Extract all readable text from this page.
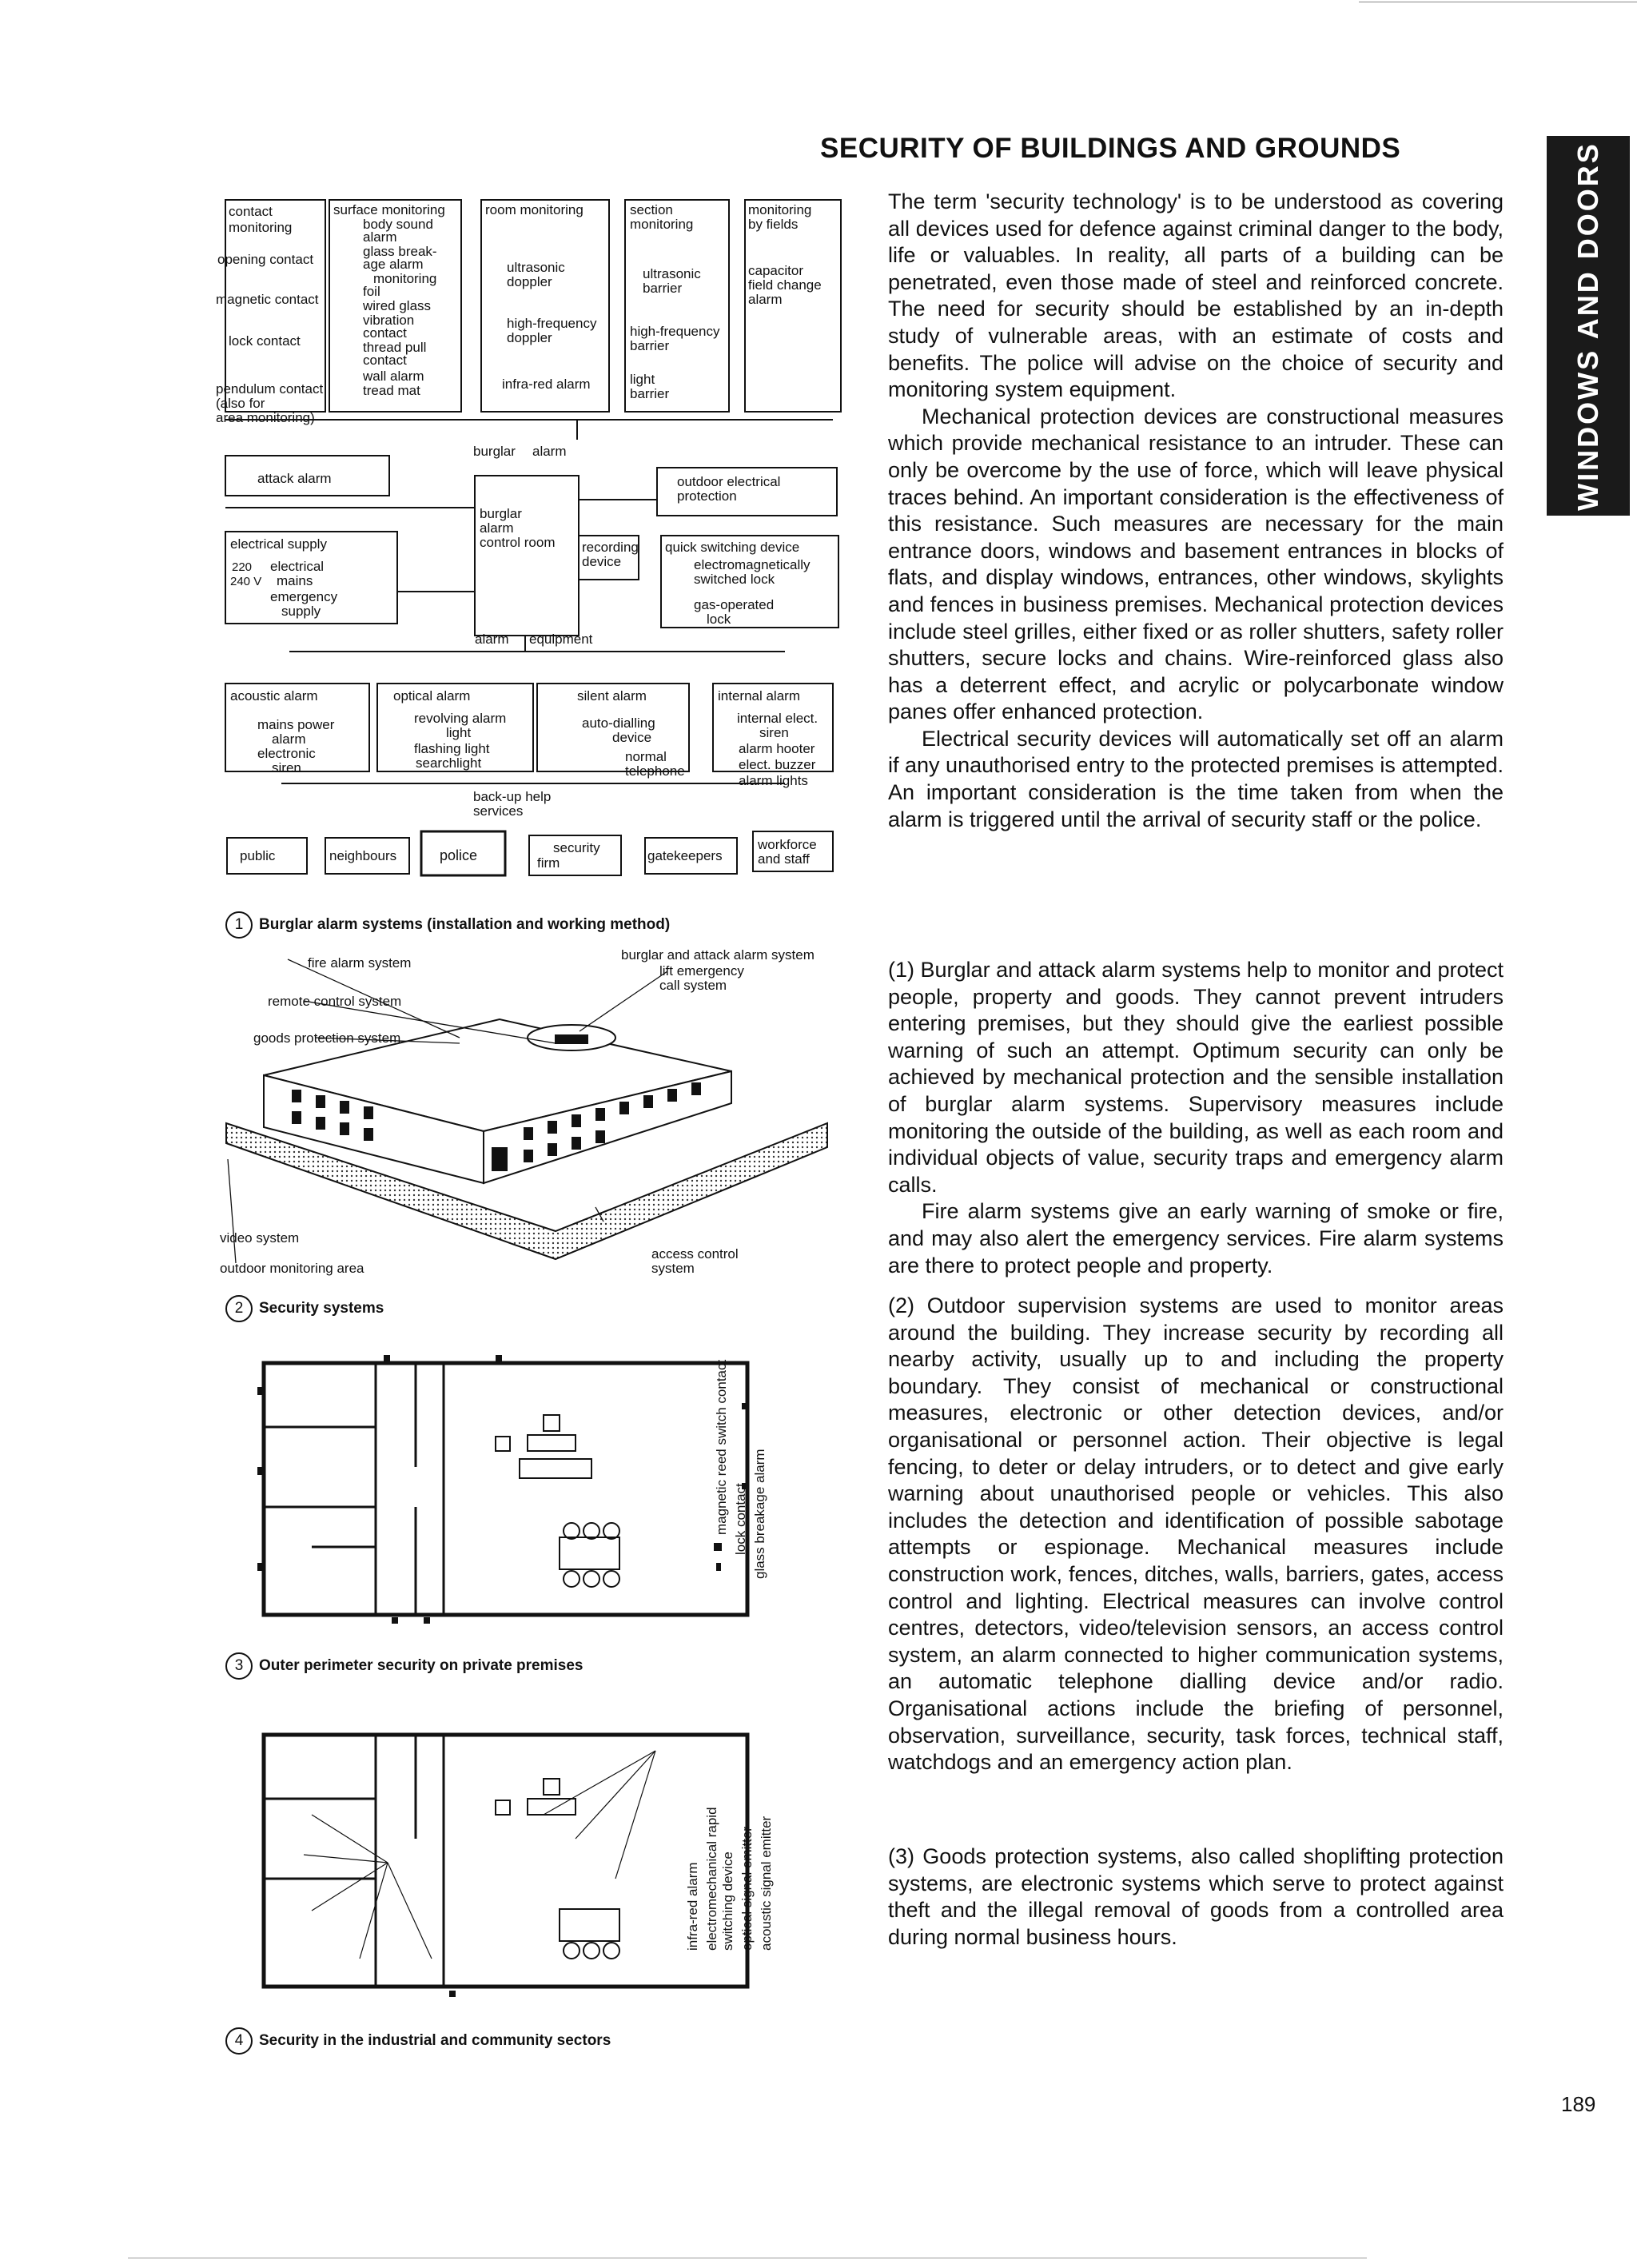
SECURITY OF BUILDINGS AND GROUNDS	WINDOWS AND DOORS

The term 'security technology' is to be understood as covering all devices used for defence against criminal danger to the body, life or valuables. In reality, all parts of a building can be penetrated, even those made of steel and reinforced concrete. The need for security should be established by an in-depth study of vulnerable areas, with an estimate of costs and benefits. The police will advise on the choice of security and monitoring system equipment.

Mechanical protection devices are constructional measures which provide mechanical resistance to an intruder. These can only be overcome by the use of force, which will leave physical traces behind. An important consideration is the effectiveness of this resistance. Such measures are necessary for the main entrance doors, windows and basement entrances in blocks of flats, and display windows, entrances, other windows, skylights and fences in business premises. Mechanical protection devices include steel grilles, either fixed or as roller shutters, safety roller shutters, secure locks and chains. Wire-reinforced glass also has a deterrent effect, and acrylic or polycarbonate window panes offer enhanced protection.

Electrical security devices will automatically set off an alarm if any unauthorised entry to the protected premises is attempted. An important consideration is the time taken from when the alarm is triggered until the arrival of security staff or the police.

(1) Burglar and attack alarm systems help to monitor and protect people, property and goods. They cannot prevent intruders entering premises, but they should give the earliest possible warning of such an attempt. Optimum security can only be achieved by mechanical protection and the sensible installation of burglar alarm systems. Supervisory measures include monitoring the outside of the building, as well as each room and individual objects of value, security traps and emergency alarm calls.

Fire alarm systems give an early warning of smoke or fire, and may also alert the emergency services. Fire alarm systems are there to protect people and property.

(2) Outdoor supervision systems are used to monitor areas around the building. They increase security by recording all nearby activity, usually up to and including the property boundary. They consist of mechanical or constructional measures, electronic or other detection devices, and/or organisational or personnel action. Their objective is legal fencing, to deter or delay intruders, or to detect and give early warning about unauthorised people or vehicles. This also includes the detection and identification of possible sabotage attempts or espionage. Mechanical measures include construction work, fences, ditches, walls, barriers, gates, access control and lighting. Electrical measures can involve control centres, detectors, video/television sensors, an access control system, an alarm connected to higher communication systems, an automatic telephone dialling device and/or radio. Organisational actions include the briefing of personnel, observation, surveillance, security, task forces, technical staff, watchdogs and an emergency action plan.

(3) Goods protection systems, also called shoplifting protection systems, are electronic systems which serve to protect against theft and the illegal removal of goods from a controlled area during normal business hours.

contact
monitoring
opening contact
magnetic contact
lock contact
pendulum contact
(also for
area monitoring)
surface monitoring
body sound
alarm
glass break-
age alarm
monitoring
foil
wired glass
vibration
contact
thread pull
contact
wall alarm
tread mat
room monitoring
ultrasonic
doppler
high-frequency
doppler
infra-red alarm
section
monitoring
ultrasonic
barrier
high-frequency
barrier
light
barrier
monitoring
by fields
capacitor
field change
alarm
burglar alarm
burglar
alarm
control room
attack alarm	outdoor electrical
protection
recording
device
quick switching device
electromagnetically
switched lock
gas-operated
lock
electrical supply
220
240 V
electrical
mains
emergency
supply
alarm equipment
acoustic alarm
mains power
alarm
electronic
siren
optical alarm
revolving alarm
light
flashing light
searchlight
silent alarm
auto-dialling
device
normal
telephone
internal alarm
internal elect.
siren
alarm hooter
elect. buzzer
alarm lights
back-up help
services
public	neighbours	police	security
firm	gatekeepers
workforce
and staff
1 Burglar alarm systems (installation and working method)
fire alarm system
remote control system
goods protection system
burglar and attack alarm system
lift emergency
call system
video system
outdoor monitoring area
access control
system
2 Security systems
magnetic reed switch contact lock contact glass breakage alarm
3 Outer perimeter security on private premises
infra-red alarm electromechanical rapid switching device optical signal emitter acoustic signal emitter
4 Security in the industrial and community sectors
189
